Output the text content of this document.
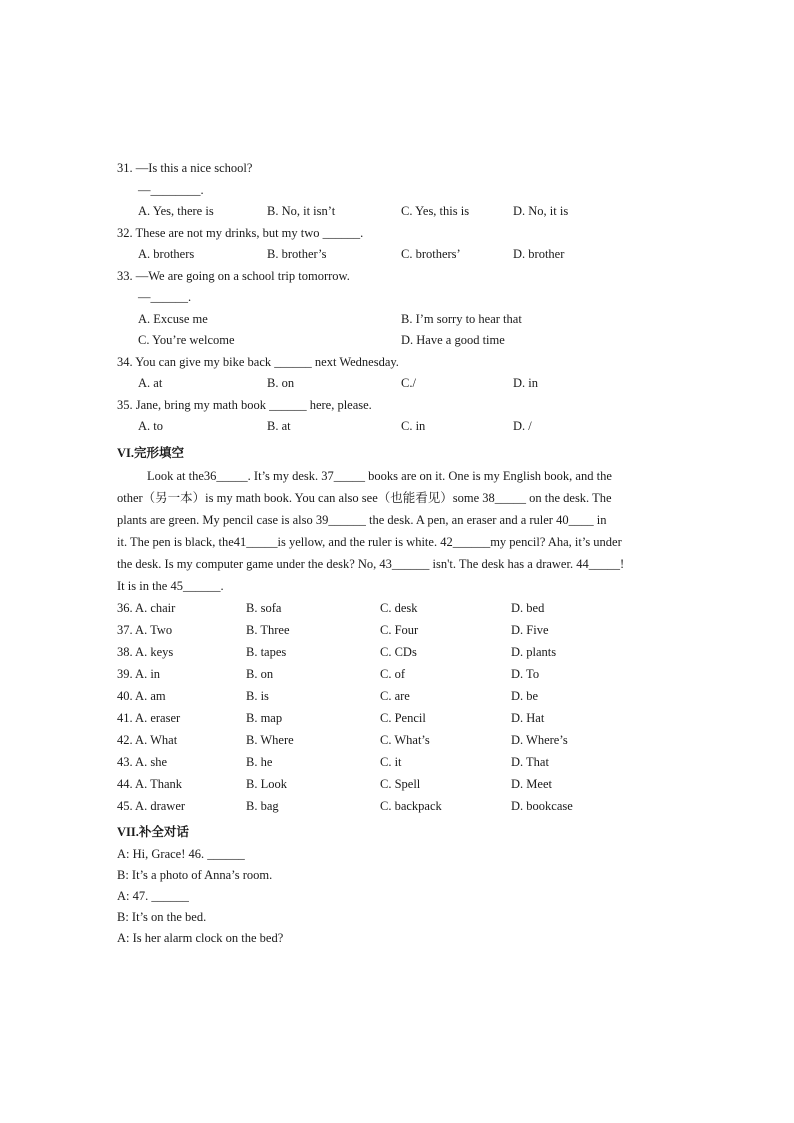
31. —Is this a nice school?
—________.
A. Yes, there is	B. No, it isn’t	C. Yes, this is	D. No, it is
32. These are not my drinks, but my two ______.
A. brothers	B. brother’s	C. brothers’	D. brother
33. —We are going on a school trip tomorrow.
—______.
A. Excuse me	B. I’m sorry to hear that
C. You’re welcome	D. Have a good time
34. You can give my bike back ______ next Wednesday.
A. at	B. on	C./	D. in
35. Jane, bring my math book ______ here, please.
A. to	B. at	C. in	D. /
VI.完形填空
Look at the36_____. It’s my desk. 37_____ books are on it. One is my English book, and the
other（另一本）is my math book. You can also see（也能看见）some 38_____ on the desk. The
plants are green. My pencil case is also 39______ the desk. A pen, an eraser and a ruler 40____ in
it. The pen is black, the41_____is yellow, and the ruler is white. 42______my pencil? Aha, it’s under
the desk. Is my computer game under the desk? No, 43______ isn't. The desk has a drawer. 44_____!
It is in the 45______.
36. A. chair	B. sofa	C. desk	D. bed
37. A. Two	B. Three	C. Four	D. Five
38. A. keys	B. tapes	C. CDs	D. plants
39. A. in	B. on	C. of	D. To
40. A. am	B. is	C. are	D. be
41. A. eraser	B. map	C. Pencil	D. Hat
42. A. What	B. Where	C. What’s	D. Where’s
43. A. she	B. he	C. it	D. That
44. A. Thank	B. Look	C. Spell	D. Meet
45. A. drawer	B. bag	C. backpack	D. bookcase
VII.补全对话
A: Hi, Grace! 46. ______
B: It’s a photo of Anna’s room.
A: 47. ______
B: It’s on the bed.
A: Is her alarm clock on the bed?
